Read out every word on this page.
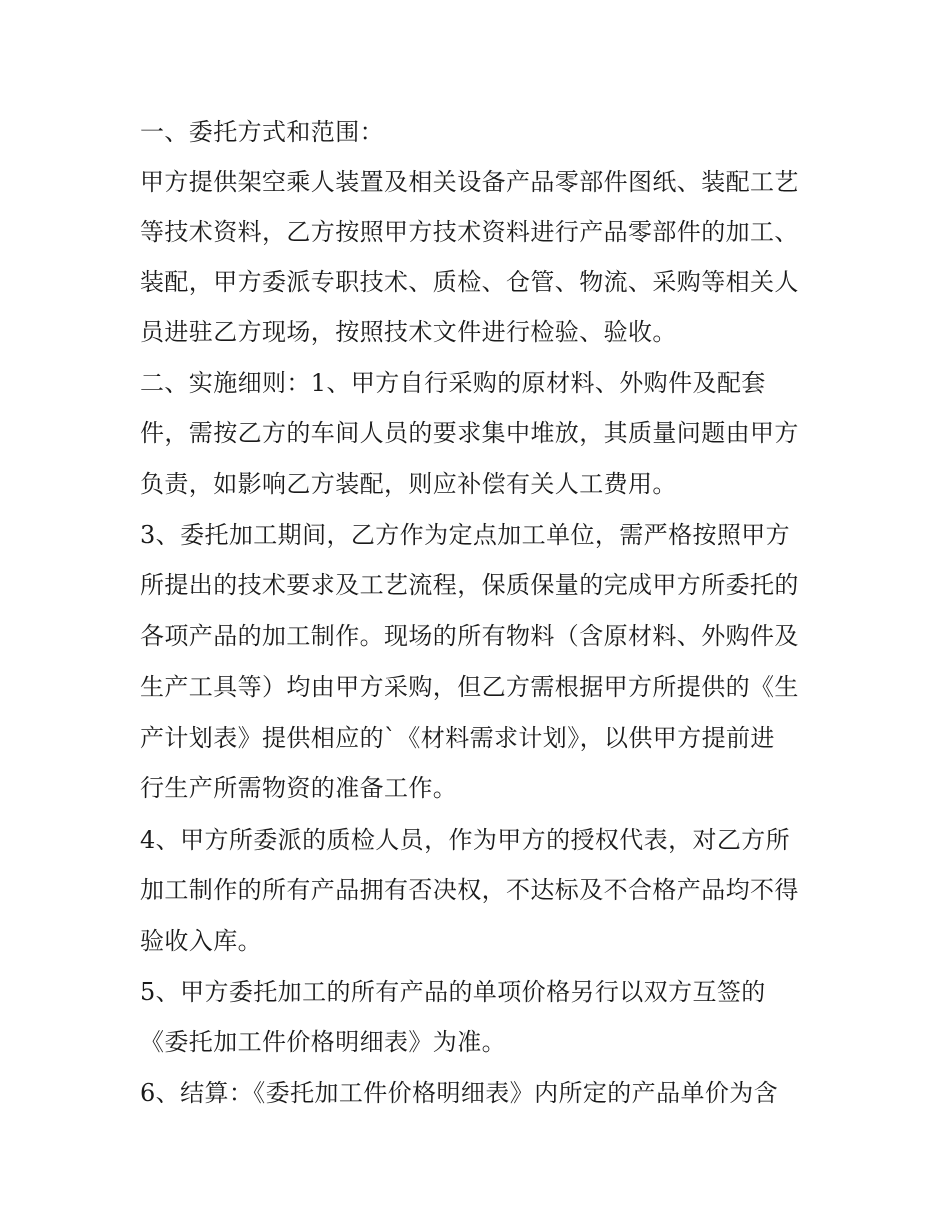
一、委托方式和范围：
甲方提供架空乘人装置及相关设备产品零部件图纸、装配工艺
等技术资料，乙方按照甲方技术资料进行产品零部件的加工、
装配，甲方委派专职技术、质检、仓管、物流、采购等相关人
员进驻乙方现场，按照技术文件进行检验、验收。
二、实施细则：1、甲方自行采购的原材料、外购件及配套
件，需按乙方的车间人员的要求集中堆放，其质量问题由甲方
负责，如影响乙方装配，则应补偿有关人工费用。
3、委托加工期间，乙方作为定点加工单位，需严格按照甲方
所提出的技术要求及工艺流程，保质保量的完成甲方所委托的
各项产品的加工制作。现场的所有物料（含原材料、外购件及
生产工具等）均由甲方采购，但乙方需根据甲方所提供的《生
产计划表》提供相应的`《材料需求计划》，以供甲方提前进
行生产所需物资的准备工作。
4、甲方所委派的质检人员，作为甲方的授权代表，对乙方所
加工制作的所有产品拥有否决权，不达标及不合格产品均不得
验收入库。
5、甲方委托加工的所有产品的单项价格另行以双方互签的
《委托加工件价格明细表》为准。
6、结算：《委托加工件价格明细表》内所定的产品单价为含
